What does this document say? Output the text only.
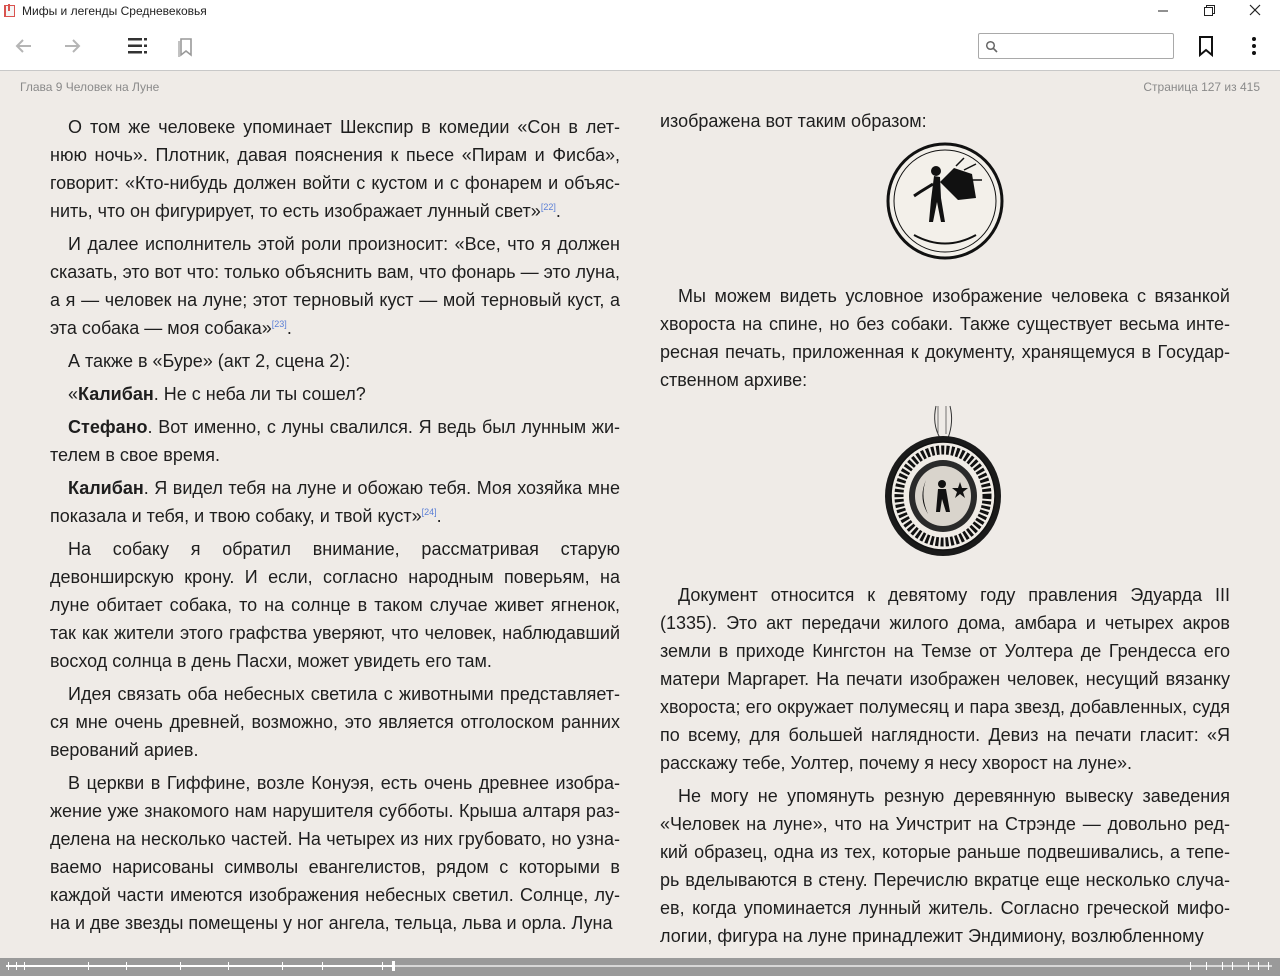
Мифы и легенды Средневековья
Глава 9 Человек на Луне	Страница 127 из 415

О том же человеке упоминает Шекспир в комедии «Сон в лет-нюю ночь». Плотник, давая пояснения к пьесе «Пирам и Фисба», говорит: «Кто-нибудь должен войти с кустом и с фонарем и объяс-нить, что он фигурирует, то есть изображает лунный свет»[22].

И далее исполнитель этой роли произносит: «Все, что я должен сказать, это вот что: только объяснить вам, что фонарь — это луна, а я — человек на луне; этот терновый куст — мой терновый куст, а эта собака — моя собака»[23].

А также в «Буре» (акт 2, сцена 2):

«Калибан. Не с неба ли ты сошел?

Стефано. Вот именно, с луны свалился. Я ведь был лунным жи-телем в свое время.

Калибан. Я видел тебя на луне и обожаю тебя. Моя хозяйка мне показала и тебя, и твою собаку, и твой куст»[24].

На собаку я обратил внимание, рассматривая старую девонширскую крону. И если, согласно народным поверьям, на луне обитает собака, то на солнце в таком случае живет ягненок, так как жители этого графства уверяют, что человек, наблюдавший восход солнца в день Пасхи, может увидеть его там.

Идея связать оба небесных светила с животными представляет-ся мне очень древней, возможно, это является отголоском ранних верований ариев.

В церкви в Гиффине, возле Конуэя, есть очень древнее изобра-жение уже знакомого нам нарушителя субботы. Крыша алтаря раз-делена на несколько частей. На четырех из них грубовато, но узна-ваемо нарисованы символы евангелистов, рядом с которыми в каждой части имеются изображения небесных светил. Солнце, лу-на и две звезды помещены у ног ангела, тельца, льва и орла. Луна

изображена вот таким образом:

Мы можем видеть условное изображение человека с вязанкой хвороста на спине, но без собаки. Также существует весьма инте-ресная печать, приложенная к документу, хранящемуся в Государ-ственном архиве:

Документ относится к девятому году правления Эдуарда III (1335). Это акт передачи жилого дома, амбара и четырех акров земли в приходе Кингстон на Темзе от Уолтера де Грендесса его матери Маргарет. На печати изображен человек, несущий вязанку хвороста; его окружает полумесяц и пара звезд, добавленных, судя по всему, для большей наглядности. Девиз на печати гласит: «Я расскажу тебе, Уолтер, почему я несу хворост на луне».

Не могу не упомянуть резную деревянную вывеску заведения «Человек на луне», что на Уичстрит на Стрэнде — довольно ред-кий образец, одна из тех, которые раньше подвешивались, а тепе-рь вделываются в стену. Перечислю вкратце еще несколько случа-ев, когда упоминается лунный житель. Согласно греческой мифо-логии, фигура на луне принадлежит Эндимиону, возлюбленному
